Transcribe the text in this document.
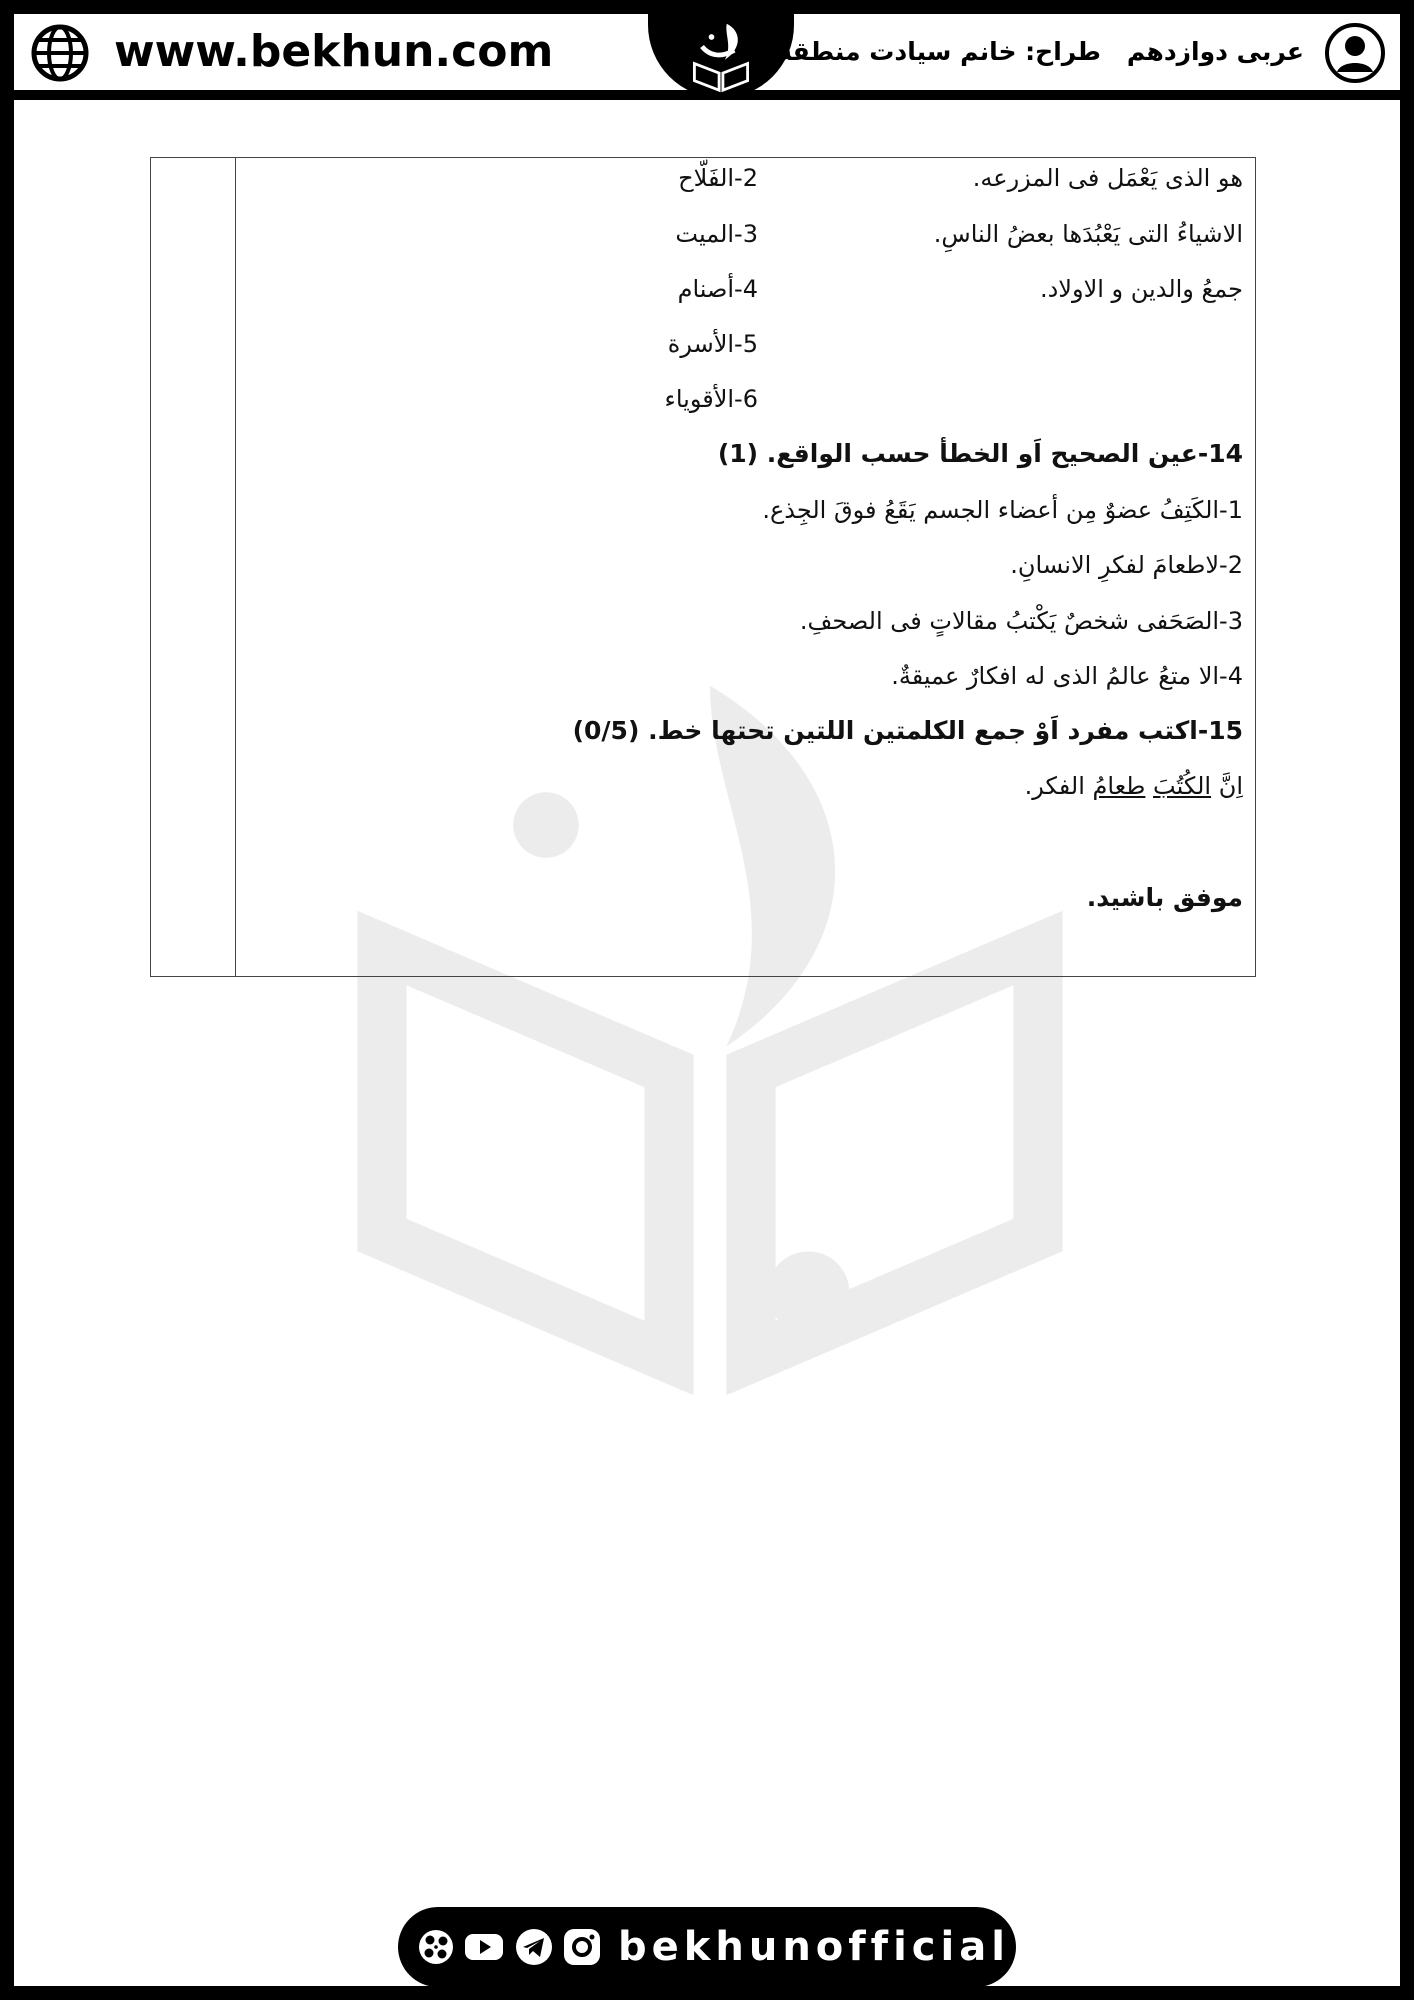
www.bekhun.com	عربی دوازدهمطراح: خانم سیادت منطقه ۸
هو الذی یَعْمَل فی المزرعه.
2-الفَلّاح
الاشیاءُ التی یَعْبُدَها بعضُ الناسِ.
3-المیت
جمعُ والدین و الاولاد.
4-أصنام
5-الأسرة
6-الأقویاء
14-عین الصحیح اَو الخطأ حسب الواقع. (1)
1-الکَتِفُ عضوٌ مِن أعضاء الجسم یَقَعُ فوقَ الجِذع.
2-لاطعامَ لفکرِ الانسانِ.
3-الصَحَفی شخصٌ یَکْتبُ مقالاتٍ فی الصحفِ.
4-الا متعُ عالمُ الذی له افکارٌ عمیقةٌ.
15-اکتب مفرد اَوْ جمع الکلمتین اللتین تحتها خط. (0/5)
اِنَّ الکُتُبَ طعامُ الفکر.
موفق باشید.
bekhunofficial
